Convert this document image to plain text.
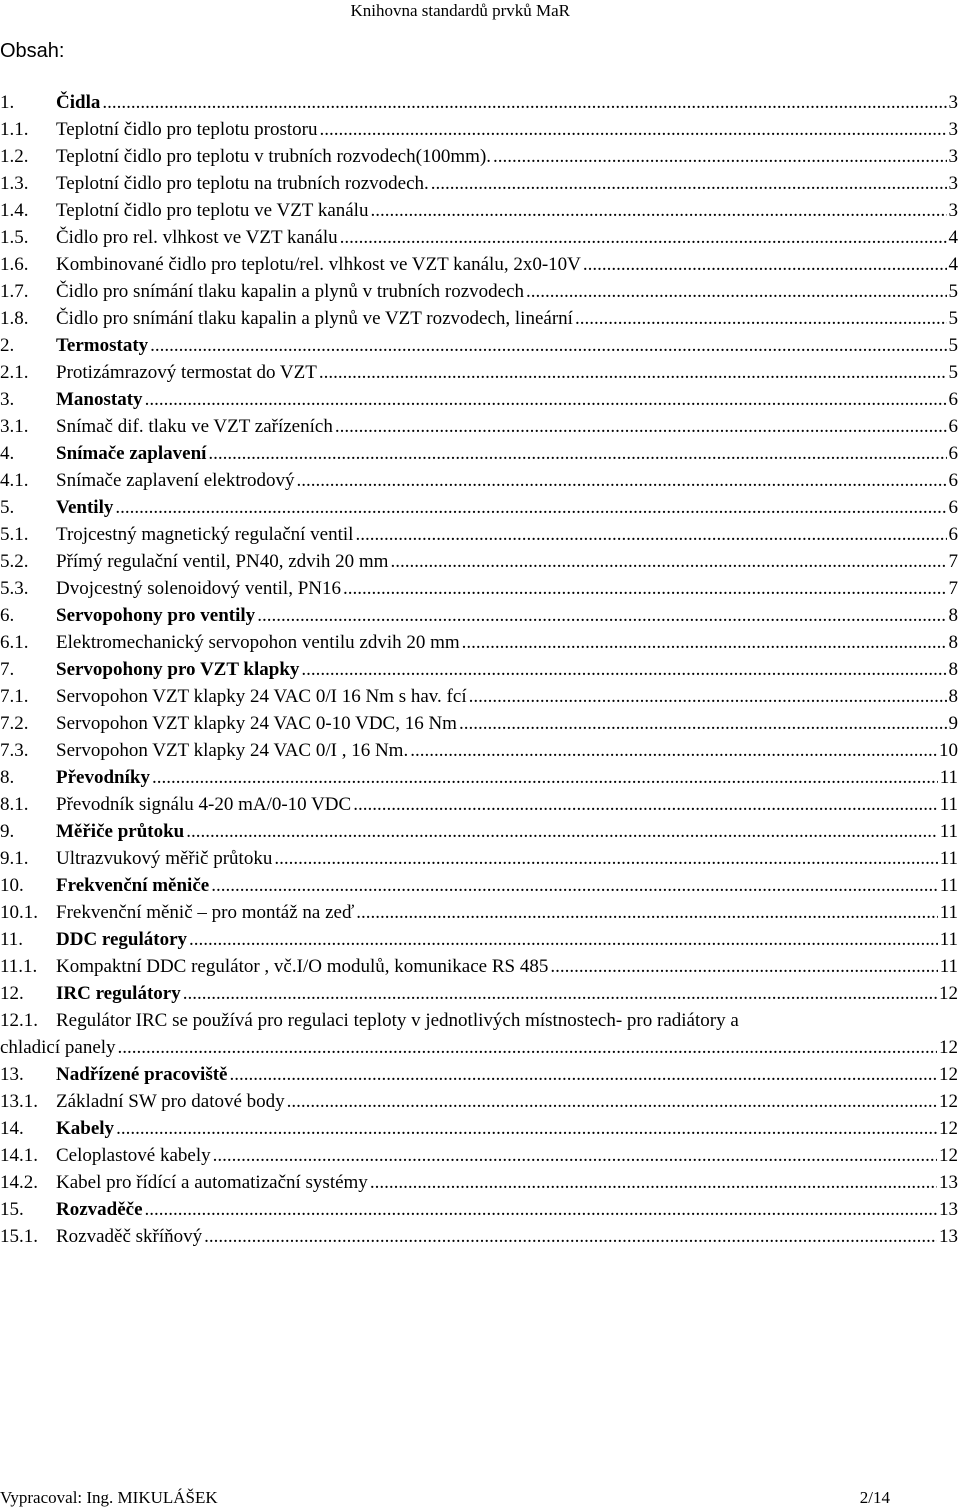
Knihovna standardů prvků MaR
Obsah:
1.	Čidla .....	3
1.1.	Teplotní čidlo pro teplotu prostoru .....	3
1.2.	Teplotní čidlo pro teplotu v trubních rozvodech(100mm). .....	3
1.3.	Teplotní čidlo pro teplotu na trubních rozvodech. .....	3
1.4.	Teplotní čidlo pro teplotu ve VZT kanálu .....	3
1.5.	Čidlo pro rel. vlhkost ve VZT kanálu .....	4
1.6.	Kombinované čidlo pro teplotu/rel. vlhkost ve VZT kanálu, 2x0-10V .....	4
1.7.	Čidlo pro snímání tlaku kapalin a plynů v trubních rozvodech .....	5
1.8.	Čidlo pro snímání tlaku kapalin a plynů ve VZT rozvodech, lineární .....	5
2.	Termostaty .....	5
2.1.	Protizámrazový termostat do VZT .....	5
3.	Manostaty .....	6
3.1.	Snímač dif. tlaku ve VZT zařízeních .....	6
4.	Snímače zaplavení .....	6
4.1.	Snímače zaplavení elektrodový .....	6
5.	Ventily .....	6
5.1.	Trojcestný magnetický regulační ventil .....	6
5.2.	Přímý regulační ventil, PN40, zdvih 20 mm .....	7
5.3.	Dvojcestný solenoidový ventil, PN16 .....	7
6.	Servopohony pro ventily .....	8
6.1.	Elektromechanický servopohon ventilu zdvih 20 mm .....	8
7.	Servopohony pro VZT klapky .....	8
7.1.	Servopohon VZT klapky 24 VAC 0/I 16 Nm s hav. fcí .....	8
7.2.	Servopohon VZT klapky 24 VAC 0-10 VDC, 16 Nm .....	9
7.3.	Servopohon VZT klapky 24 VAC 0/I , 16 Nm. .....	10
8.	Převodníky .....	11
8.1.	Převodník signálu 4-20 mA/0-10 VDC .....	11
9.	Měřiče průtoku .....	11
9.1.	Ultrazvukový měřič průtoku .....	11
10.	Frekvenční měniče .....	11
10.1. Frekvenční měnič – pro montáž na zeď .....	11
11.	DDC regulátory .....	11
11.1. Kompaktní DDC regulátor , vč.I/O modulů, komunikace RS 485 .....	11
12.	IRC regulátory .....	12
12.1. Regulátor IRC se používá pro regulaci teploty v jednotlivých místnostech- pro radiátory a
chladicí panely .....	12
13.	Nadřízené pracoviště .....	12
13.1. Základní SW pro datové body .....	12
14.	Kabely .....	12
14.1. Celoplastové kabely .....	12
14.2. Kabel pro řídící a automatizační systémy .....	13
15.	Rozvaděče .....	13
15.1. Rozvaděč skříňový .....	13
Vypracoval: Ing. MIKULÁŠEK	2/14
